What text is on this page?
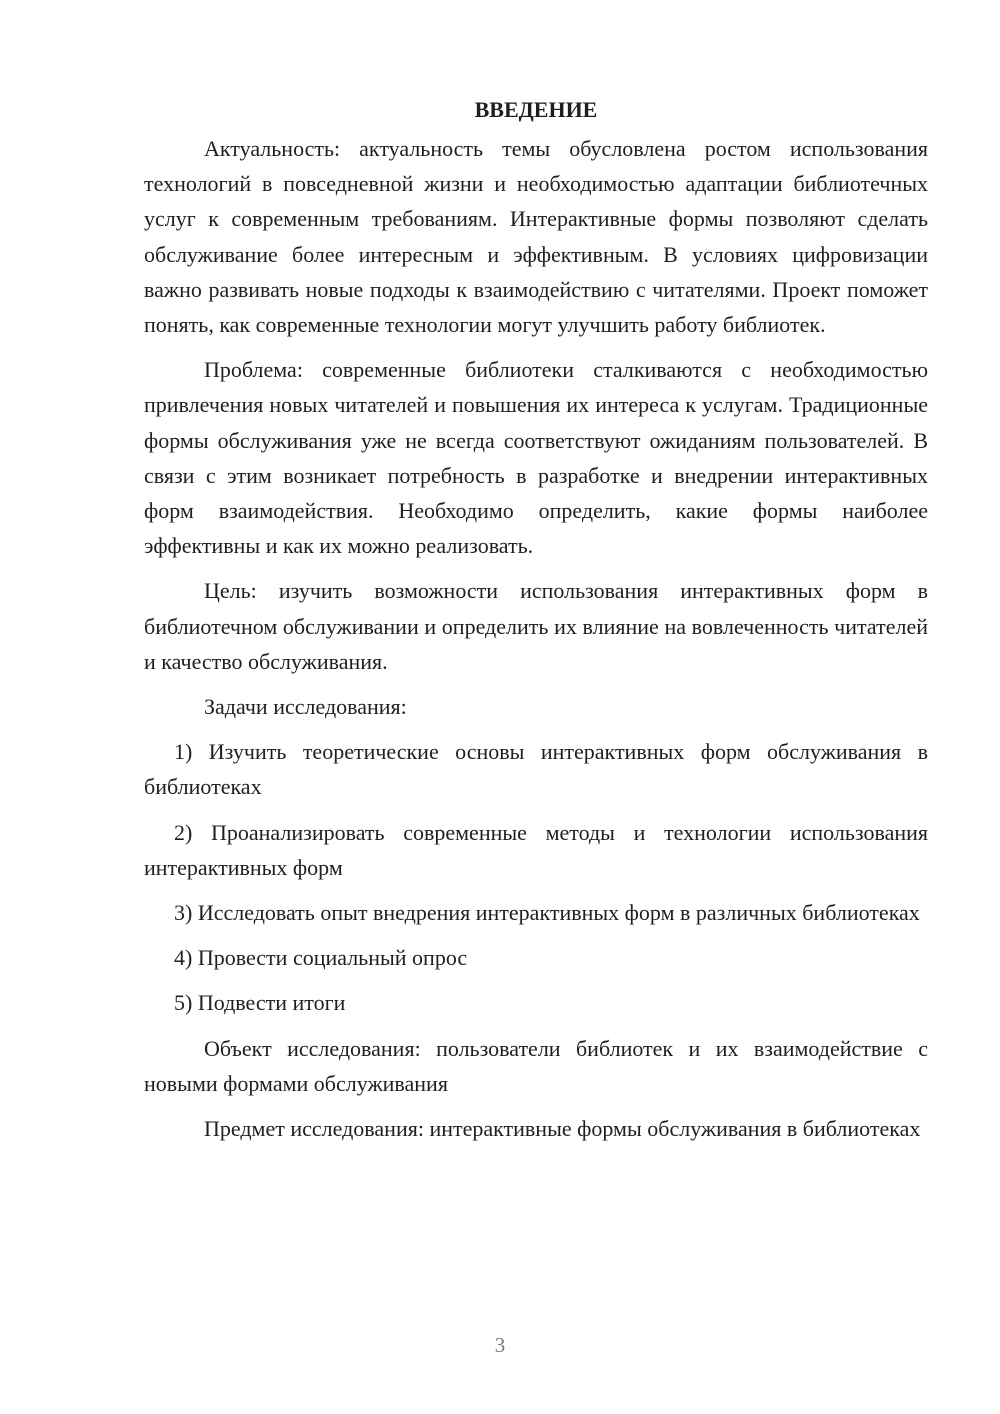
ВВЕДЕНИЕ

Актуальность: актуальность темы обусловлена ростом использования технологий в повседневной жизни и необходимостью адаптации библиотечных услуг к современным требованиям. Интерактивные формы позволяют сделать обслуживание более интересным и эффективным. В условиях цифровизации важно развивать новые подходы к взаимодействию с читателями. Проект поможет понять, как современные технологии могут улучшить работу библиотек.

Проблема: современные библиотеки сталкиваются с необходимостью привлечения новых читателей и повышения их интереса к услугам. Традиционные формы обслуживания уже не всегда соответствуют ожиданиям пользователей. В связи с этим возникает потребность в разработке и внедрении интерактивных форм взаимодействия. Необходимо определить, какие формы наиболее эффективны и как их можно реализовать.

Цель: изучить возможности использования интерактивных форм в библиотечном обслуживании и определить их влияние на вовлеченность читателей и качество обслуживания.

Задачи исследования:

1) Изучить теоретические основы интерактивных форм обслуживания в библиотеках

2) Проанализировать современные методы и технологии использования интерактивных форм

3) Исследовать опыт внедрения интерактивных форм в различных библиотеках

4) Провести социальный опрос

5) Подвести итоги

Объект исследования: пользователи библиотек и их взаимодействие с новыми формами обслуживания

Предмет исследования: интерактивные формы обслуживания в библиотеках

3
